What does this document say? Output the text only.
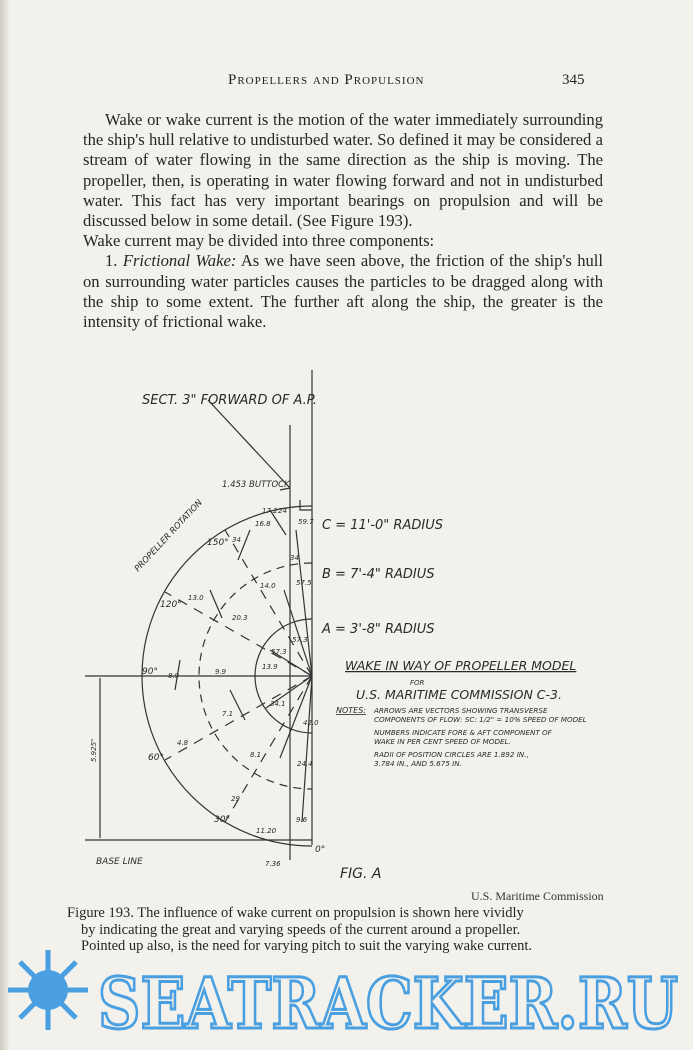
Propellers and Propulsion	345

Wake or wake current is the motion of the water immediately surrounding the ship's hull relative to undisturbed water. So defined it may be considered a stream of water flowing in the same direction as the ship is moving. The propeller, then, is operating in water flowing forward and not in undisturbed water. This fact has very important bearings on propulsion and will be discussed below in some detail. (See Figure 193).

Wake current may be divided into three components:

1. Frictional Wake: As we have seen above, the friction of the ship's hull on surrounding water particles causes the particles to be dragged along with the ship to some extent. The further aft along the ship, the greater is the intensity of frictional wake.

SECT. 3" FORWARD OF A.P.
1.453 BUTTOCK
PROPELLER ROTATION	C = 11'-0" RADIUS
B = 7'-4" RADIUS
A = 3'-8" RADIUS
WAKE IN WAY OF PROPELLER MODEL
FOR
U.S. MARITIME COMMISSION C-3.
NOTES: ARROWS ARE VECTORS SHOWING TRANSVERSE
COMPONENTS OF FLOW: SC: 1/2" = 10% SPEED OF MODEL
NUMBERS INDICATE FORE & AFT COMPONENT OF
WAKE IN PER CENT SPEED OF MODEL.
RADII OF POSITION CIRCLES ARE 1.892 IN.,
3.784 IN., AND 5.675 IN.
150°
120°
90°
60°
30°
0°
17.2 24
16.8
34
59.7
34
14.0	57.5
13.0
20.3
57.3
57.3
8.9	9.9
13.9
34.1
7.1
42.0
4.8
8.1
24.4
29
9.6
11.20
7.36
5.925"
BASE LINE
FIG. A
U.S. Maritime Commission

Figure 193. The influence of wake current on propulsion is shown here vividly

by indicating the great and varying speeds of the current around a propeller.

Pointed up also, is the need for varying pitch to suit the varying wake current.

SEATRACKER.RU
